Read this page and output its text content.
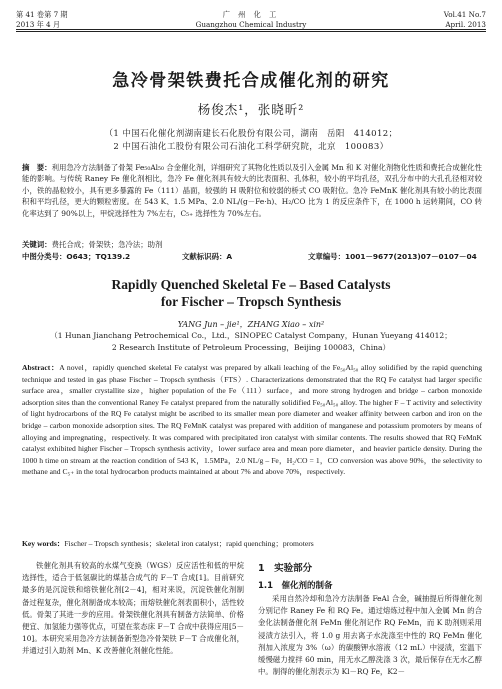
第 41 卷第 7 期
2013 年 4 月
广 州 化 工
Guangzhou Chemical Industry
Vol.41 No.7
April. 2013
急冷骨架铁费托合成催化剂的研究
杨俊杰¹，张晓昕²
（1 中国石化催化剂湖南建长石化股份有限公司，湖南　岳阳　414012；
2 中国石油化工股份有限公司石油化工科学研究院，北京　100083）
摘　要：利用急冷方法制备了骨架 Fe₅₀Al₅₀ 合金催化剂，详细研究了其物化性质以及引入金属 Mn 和 K 对催化剂物化性质和费托合成催化性能的影响。与传统 Raney Fe 催化剂相比，急冷 Fe 催化剂具有较大的比表面积、孔体积，较小的平均孔径，双孔分布中的大孔孔径相对较小，铁的晶粒较小，具有更多暴露的 Fe（111）晶面，较强的 H 吸附位和较弱的桥式 CO 吸附位。急冷 FeMnK 催化剂具有较小的比表面积和平均孔径，更大的颗粒密度。在 543 K、1.5 MPa、2.0 NL/(g－Fe·h)、H₂/CO 比为 1 的反应条件下，在 1000 h 运转期间，CO 转化率达到了 90%以上，甲烷选择性为 7%左右，C₅₊ 选择性为 70%左右。
关键词：费托合成；骨架铁；急冷法；助剂
中图分类号：O643；TQ139.2	文献标识码：A	文章编号：1001－9677(2013)07－0107－04
Rapidly Quenched Skeletal Fe – Based Catalysts
for Fischer – Tropsch Synthesis
YANG Jun – jie¹，ZHANG Xiao – xin²
（1 Hunan Jianchang Petrochemical Co.，Ltd.，SINOPEC Catalyst Company，Hunan Yueyang 414012；
2 Research Institute of Petroleum Processing，Beijing 100083，China）
Abstract：A novel，rapidly quenched skeletal Fe catalyst was prepared by alkali leaching of the Fe₅₀Al₅₀ alloy solidified by the rapid quenching technique and tested in gas phase Fischer – Tropsch synthesis（FTS）. Characterizations demonstrated that the RQ Fe catalyst had larger specific surface area，smaller crystallite size，higher population of the Fe（111）surface，and more strong hydrogen and bridge – carbon monoxide adsorption sites than the conventional Raney Fe catalyst prepared from the naturally solidified Fe₅₀Al₅₀ alloy. The higher F – T activity and selectivity of light hydrocarbons of the RQ Fe catalyst might be ascribed to its smaller mean pore diameter and weaker affinity between carbon and iron on the bridge – carbon monoxide adsorption sites. The RQ FeMnK catalyst was prepared with addition of manganese and potassium promoters by means of alloying and impregnating，respectively. It was compared with precipitated iron catalyst with similar contents. The results showed that RQ FeMnK catalyst exhibited higher Fischer – Tropsch synthesis activity，lower surface area and mean pore diameter，and heavier particle density. During the 1000 h time on stream at the reaction condition of 543 K，1.5MPa，2.0 NL/g – Fe，H₂/CO = 1，CO conversion was above 90%，the selectivity to methane and C₅₊ in the total hydrocarbon products maintained at about 7% and above 70%，respectively.
Key words：Fischer – Tropsch synthesis；skeletal iron catalyst；rapid quenching；promoters

铁催化剂具有较高的水煤气变换（WGS）反应活性和低的甲烷选择性，适合于低氢碳比的煤基合成气的 F－T 合成[1]。目前研究最多的是沉淀铁和熔铁催化剂[2－4]，相对来说，沉淀铁催化剂制备过程复杂，催化剂制备成本较高；而熔铁催化剂表面积小，活性较低。骨架了其进一步的应用。骨架铁催化剂具有制备方法简单、价格便宜、加氢能力强等优点，可望在浆态床 F－T 合成中获得应用[5－10]。本研究采用急冷方法制备新型急冷骨架铁 F－T 合成催化剂，并通过引入助剂 Mn、K 改善催化剂催化性能。

1　实验部分
1.1　催化剂的制备

采用自然冷却和急冷方法制备 FeAl 合金，碱抽提后所得催化剂分别记作 Raney Fe 和 RQ Fe。通过熔炼过程中加入金属 Mn 的合金化法制备催化剂 FeMn 催化剂记作 RQ FeMn，而 K 助剂则采用浸渍方法引入，将 1.0 g 用去离子水洗涤至中性的 RQ FeMn 催化剂加入浓度为 3%（ω）的碳酸钾水溶液（12 mL）中浸渍，室温下缓慢磁力搅拌 60 min，用无水乙醇洗涤 3 次，最后保存在无水乙醇中。制得的催化剂表示为 Kl－RQ Fe，K2－
